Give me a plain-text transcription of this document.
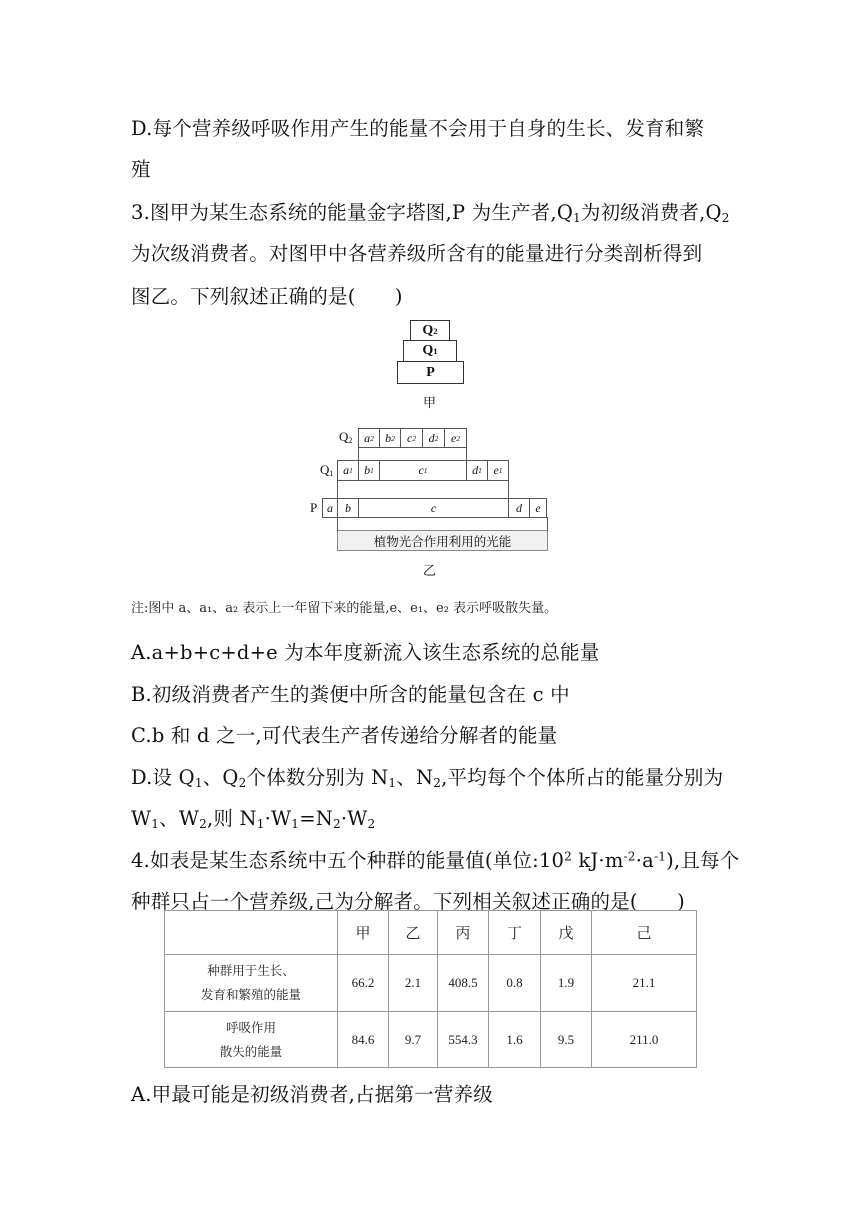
D.每个营养级呼吸作用产生的能量不会用于自身的生长、发育和繁
殖
3.图甲为某生态系统的能量金字塔图,P 为生产者$,Q_1$为初级消费者$,Q_2$
为次级消费者。对图甲中各营养级所含有的能量进行分类剖析得到
图乙。下列叙述正确的是(　　)
Q 2
Q 1
P
甲
$Q_2$
$Q_1$
P
a 2 b 2 c 2 d 2 e 2
a 1 b 1	c 1	d 1 e 1
a	b	c	d	e
植物光合作用利用的光能
乙
注:图中 a、a₁、a₂ 表示上一年留下来的能量,e、e₁、e₂ 表示呼吸散失量。
A.a+b+c+d+e 为本年度新流入该生态系统的总能量
B.初级消费者产生的粪便中所含的能量包含在 c 中
C.b 和 d 之一,可代表生产者传递给分解者的能量
D.设 $Q_1$、$Q_2$个体数分别为 $N_1$、$N_2$,平均每个个体所占的能量分别为
$W_1$、$W_2$,则 $N_1\cdot W_1=N_2\cdot W_2$
4.如表是某生态系统中五个种群的能量值(单位$:10^2$ $kJ\cdot m^{-2}\cdot a^{-1}$),且每个
种群只占一个营养级,己为分解者。下列相关叙述正确的是(　　)
	甲	乙	丙	丁	戊	己

种群用于生长、
发育和繁殖的能量	66.2	2.1	408.5	0.8	1.9	21.1

呼吸作用
散失的能量	84.6	9.7	554.3	1.6	9.5	211.0
A.甲最可能是初级消费者,占据第一营养级
